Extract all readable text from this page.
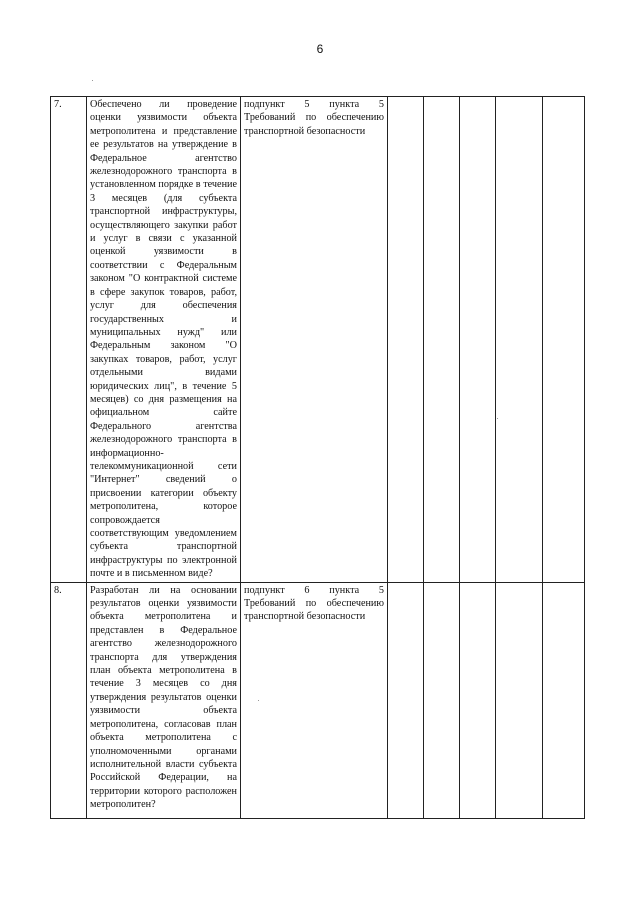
6
7.	Обеспечено ли проведение оценки уязвимости объекта метрополитена и представление ее результатов на утверждение в Федеральное агентство железнодорожного транспорта в установленном порядке в течение 3 месяцев (для субъекта транспортной инфраструктуры, осуществляющего закупки работ и услуг в связи с указанной оценкой уязвимости в соответствии с Федеральным законом "О контрактной системе в сфере закупок товаров, работ, услуг для обеспечения государственных и муниципальных нужд" или Федеральным законом "О закупках товаров, работ, услуг отдельными видами юридических лиц", в течение 5 месяцев) со дня размещения на официальном сайте Федерального агентства железнодорожного транспорта в информационно-телекоммуникационной сети "Интернет" сведений о присвоении категории объекту метрополитена, которое сопровождается соответствующим уведомлением субъекта транспортной инфраструктуры по электронной почте и в письменном виде?	подпункт 5 пункта 5 Требований по обеспечению транспортной безопасности					
8.	Разработан ли на основании результатов оценки уязвимости объекта метрополитена и представлен в Федеральное агентство железнодорожного транспорта для утверждения план объекта метрополитена в течение 3 месяцев со дня утверждения результатов оценки уязвимости объекта метрополитена, согласовав план объекта метрополитена с уполномоченными органами исполнительной власти субъекта Российской Федерации, на территории которого расположен метрополитен?	подпункт 6 пункта 5 Требований по обеспечению транспортной безопасности					
